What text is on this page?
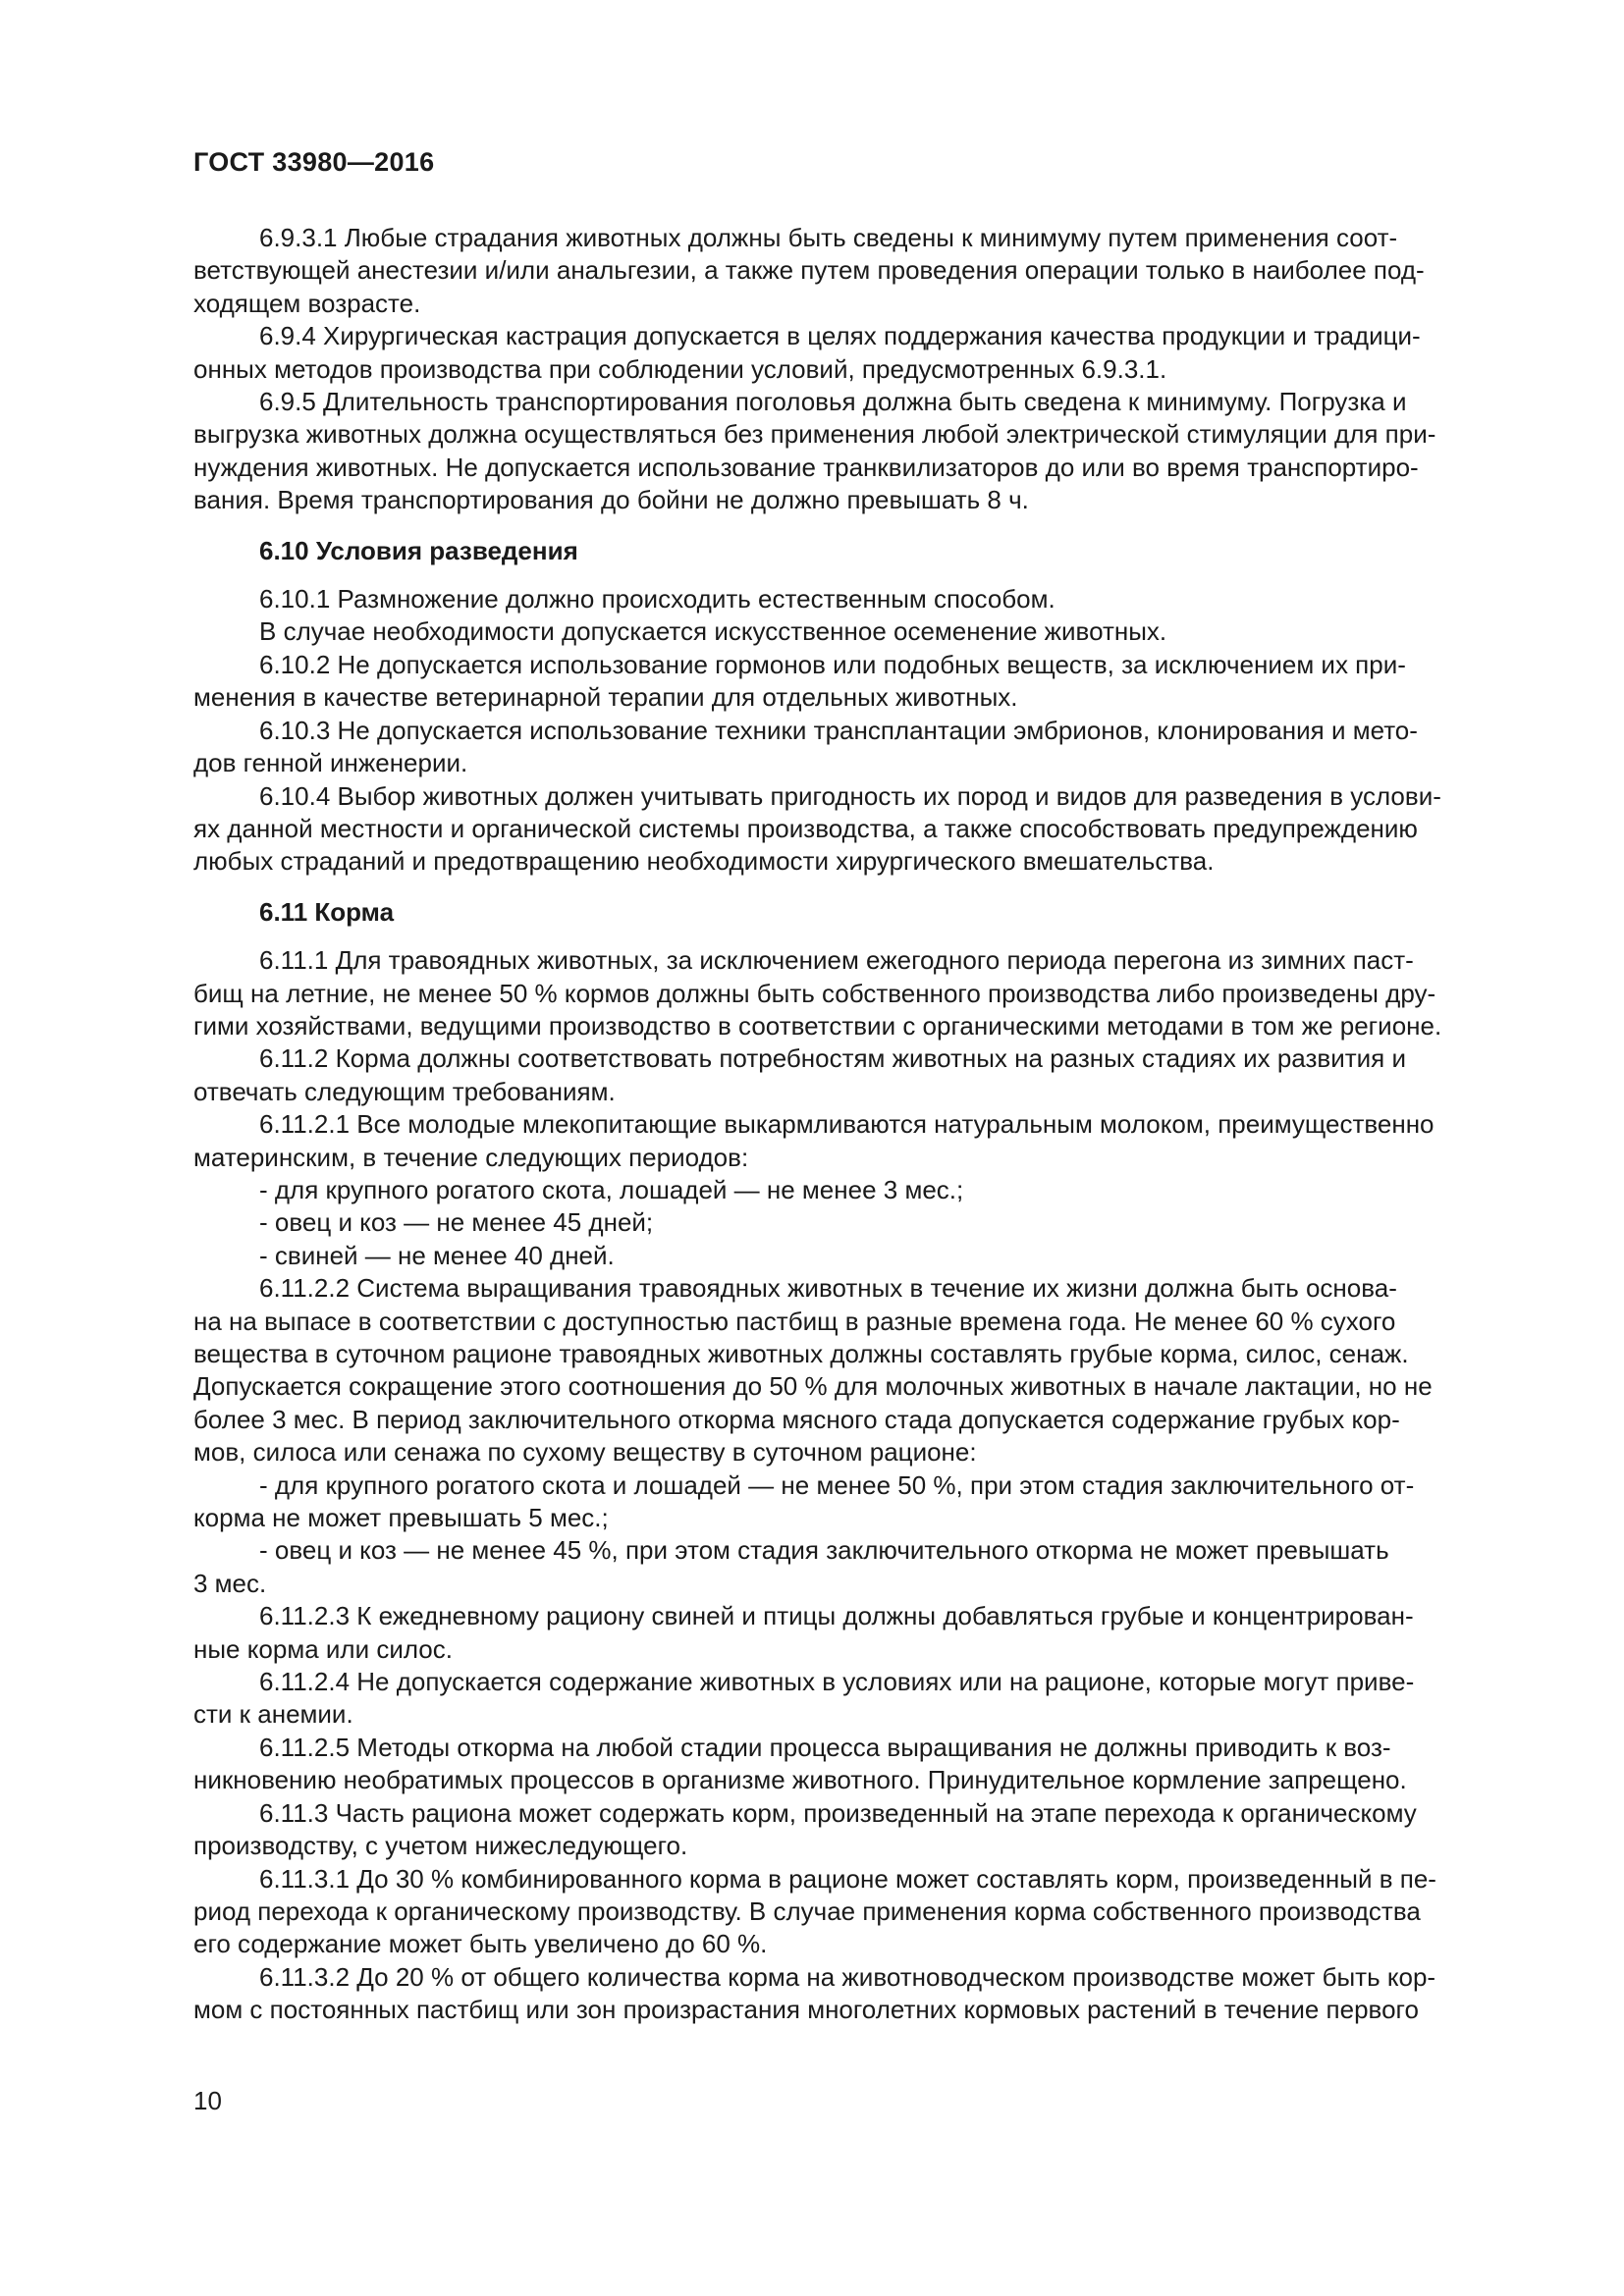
ГОСТ 33980—2016
6.9.3.1 Любые страдания животных должны быть сведены к минимуму путем применения соот-
ветствующей анестезии и/или анальгезии, а также путем проведения операции только в наиболее под-
ходящем возрасте.
6.9.4 Хирургическая кастрация допускается в целях поддержания качества продукции и традици-
онных методов производства при соблюдении условий, предусмотренных 6.9.3.1.
6.9.5 Длительность транспортирования поголовья должна быть сведена к минимуму. Погрузка и
выгрузка животных должна осуществляться без применения любой электрической стимуляции для при-
нуждения животных. Не допускается использование транквилизаторов до или во время транспортиро-
вания. Время транспортирования до бойни не должно превышать 8 ч.
6.10 Условия разведения
6.10.1 Размножение должно происходить естественным способом.
В случае необходимости допускается искусственное осеменение животных.
6.10.2 Не допускается использование гормонов или подобных веществ, за исключением их при-
менения в качестве ветеринарной терапии для отдельных животных.
6.10.3 Не допускается использование техники трансплантации эмбрионов, клонирования и мето-
дов генной инженерии.
6.10.4 Выбор животных должен учитывать пригодность их пород и видов для разведения в услови-
ях данной местности и органической системы производства, а также способствовать предупреждению
любых страданий и предотвращению необходимости хирургического вмешательства.
6.11 Корма
6.11.1 Для травоядных животных, за исключением ежегодного периода перегона из зимних паст-
бищ на летние, не менее 50 % кормов должны быть собственного производства либо произведены дру-
гими хозяйствами, ведущими производство в соответствии с органическими методами в том же регионе.
6.11.2 Корма должны соответствовать потребностям животных на разных стадиях их развития и
отвечать следующим требованиям.
6.11.2.1 Все молодые млекопитающие выкармливаются натуральным молоком, преимущественно
материнским, в течение следующих периодов:
- для крупного рогатого скота, лошадей — не менее 3 мес.;
- овец и коз — не менее 45 дней;
- свиней — не менее 40 дней.
6.11.2.2 Система выращивания травоядных животных в течение их жизни должна быть основа-
на на выпасе в соответствии с доступностью пастбищ в разные времена года. Не менее 60 % сухого
вещества в суточном рационе травоядных животных должны составлять грубые корма, силос, сенаж.
Допускается сокращение этого соотношения до 50 % для молочных животных в начале лактации, но не
более 3 мес. В период заключительного откорма мясного стада допускается содержание грубых кор-
мов, силоса или сенажа по сухому веществу в суточном рационе:
- для крупного рогатого скота и лошадей — не менее 50 %, при этом стадия заключительного от-
корма не может превышать 5 мес.;
- овец и коз — не менее 45 %, при этом стадия заключительного откорма не может превышать
3 мес.
6.11.2.3 К ежедневному рациону свиней и птицы должны добавляться грубые и концентрирован-
ные корма или силос.
6.11.2.4 Не допускается содержание животных в условиях или на рационе, которые могут приве-
сти к анемии.
6.11.2.5 Методы откорма на любой стадии процесса выращивания не должны приводить к воз-
никновению необратимых процессов в организме животного. Принудительное кормление запрещено.
6.11.3 Часть рациона может содержать корм, произведенный на этапе перехода к органическому
производству, с учетом нижеследующего.
6.11.3.1 До 30 % комбинированного корма в рационе может составлять корм, произведенный в пе-
риод перехода к органическому производству. В случае применения корма собственного производства
его содержание может быть увеличено до 60 %.
6.11.3.2 До 20 % от общего количества корма на животноводческом производстве может быть кор-
мом с постоянных пастбищ или зон произрастания многолетних кормовых растений в течение первого
10
